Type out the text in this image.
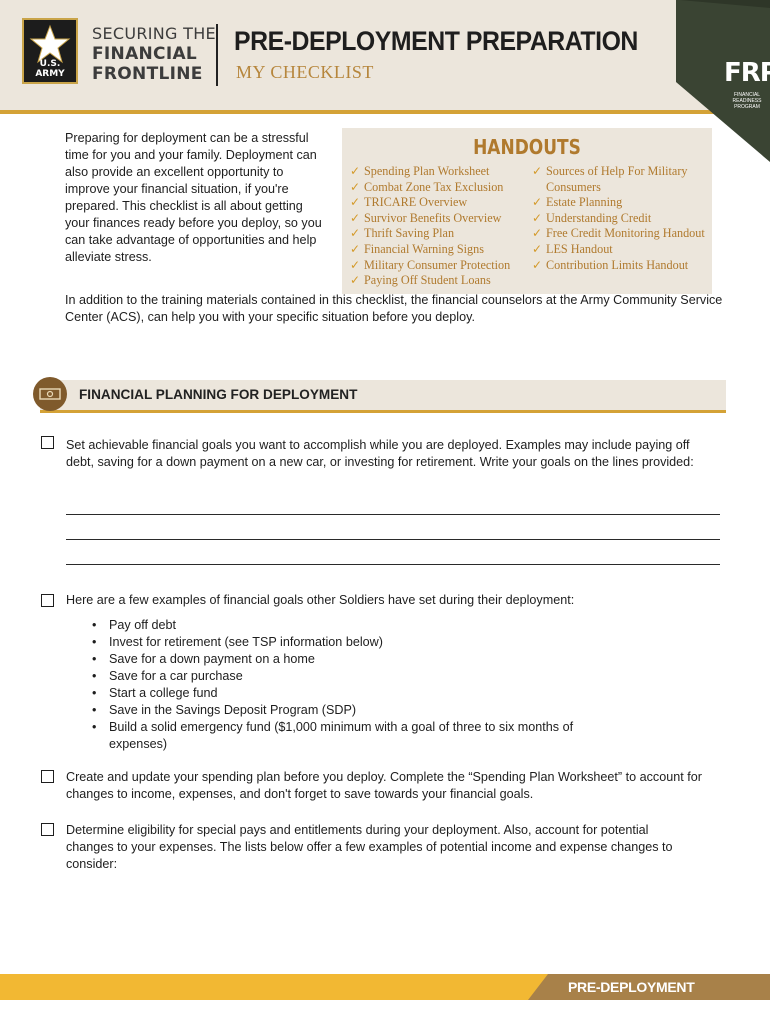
U.S. ARMY
SECURING THE
FINANCIAL
FRONTLINE
PRE-DEPLOYMENT PREPARATION
MY CHECKLIST	FRP
FINANCIAL READINESS PROGRAM
Preparing for deployment can be a stressful time for you and your family. Deployment can also provide an excellent opportunity to improve your financial situation, if you're prepared. This checklist is all about getting your finances ready before you deploy, so you can take advantage of opportunities and help alleviate stress.
HANDOUTS
✓ Spending Plan Worksheet
✓ Combat Zone Tax Exclusion
✓ TRICARE Overview
✓ Survivor Benefits Overview
✓ Thrift Saving Plan
✓ Financial Warning Signs
✓ Military Consumer Protection
✓ Paying Off Student Loans
✓ Sources of Help For Military Consumers
✓ Estate Planning
✓ Understanding Credit
✓ Free Credit Monitoring Handout
✓ LES Handout
✓ Contribution Limits Handout
In addition to the training materials contained in this checklist, the financial counselors at the Army Community Service Center (ACS), can help you with your specific situation before you deploy.
FINANCIAL PLANNING FOR DEPLOYMENT
Set achievable financial goals you want to accomplish while you are deployed. Examples may include paying off debt, saving for a down payment on a new car, or investing for retirement. Write your goals on the lines provided:
Here are a few examples of financial goals other Soldiers have set during their deployment:
• Pay off debt
• Invest for retirement (see TSP information below)
• Save for a down payment on a home
• Save for a car purchase
• Start a college fund
• Save in the Savings Deposit Program (SDP)
• Build a solid emergency fund ($1,000 minimum with a goal of three to six months of expenses)
Create and update your spending plan before you deploy. Complete the “Spending Plan Worksheet” to account for changes to income, expenses, and don't forget to save towards your financial goals.
Determine eligibility for special pays and entitlements during your deployment. Also, account for potential changes to your expenses. The lists below offer a few examples of potential income and expense changes to consider:
PRE-DEPLOYMENT
